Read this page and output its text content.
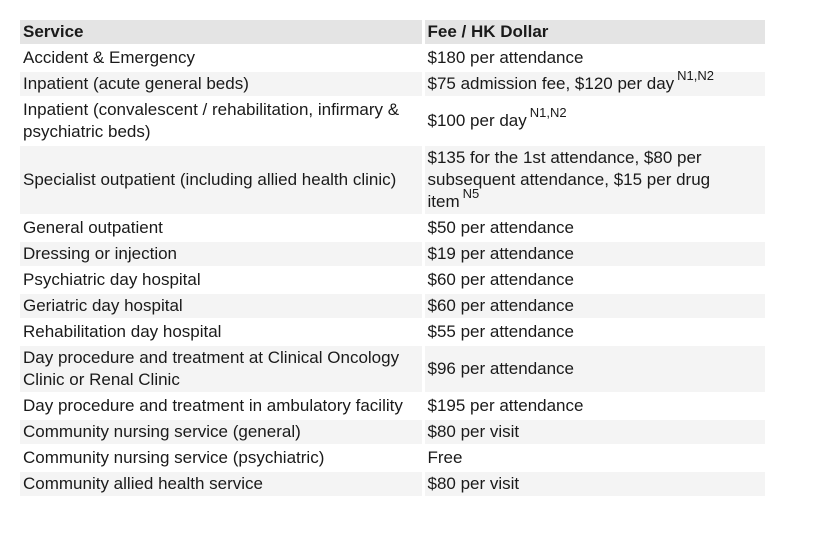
Service	Fee / HK Dollar
Accident & Emergency	$180 per attendance
Inpatient (acute general beds)	$75 admission fee, $120 per day $^{N1,N2}$
Inpatient (convalescent / rehabilitation, infirmary & psychiatric beds)	$100 per day $^{N1,N2}$
Specialist outpatient (including allied health clinic)	$135 for the 1st attendance, $80 per subsequent attendance, $15 per drug item $^{N5}$
General outpatient	$50 per attendance
Dressing or injection	$19 per attendance
Psychiatric day hospital	$60 per attendance
Geriatric day hospital	$60 per attendance
Rehabilitation day hospital	$55 per attendance
Day procedure and treatment at Clinical Oncology Clinic or Renal Clinic	$96 per attendance
Day procedure and treatment in ambulatory facility	$195 per attendance
Community nursing service (general)	$80 per visit
Community nursing service (psychiatric)	Free
Community allied health service	$80 per visit
